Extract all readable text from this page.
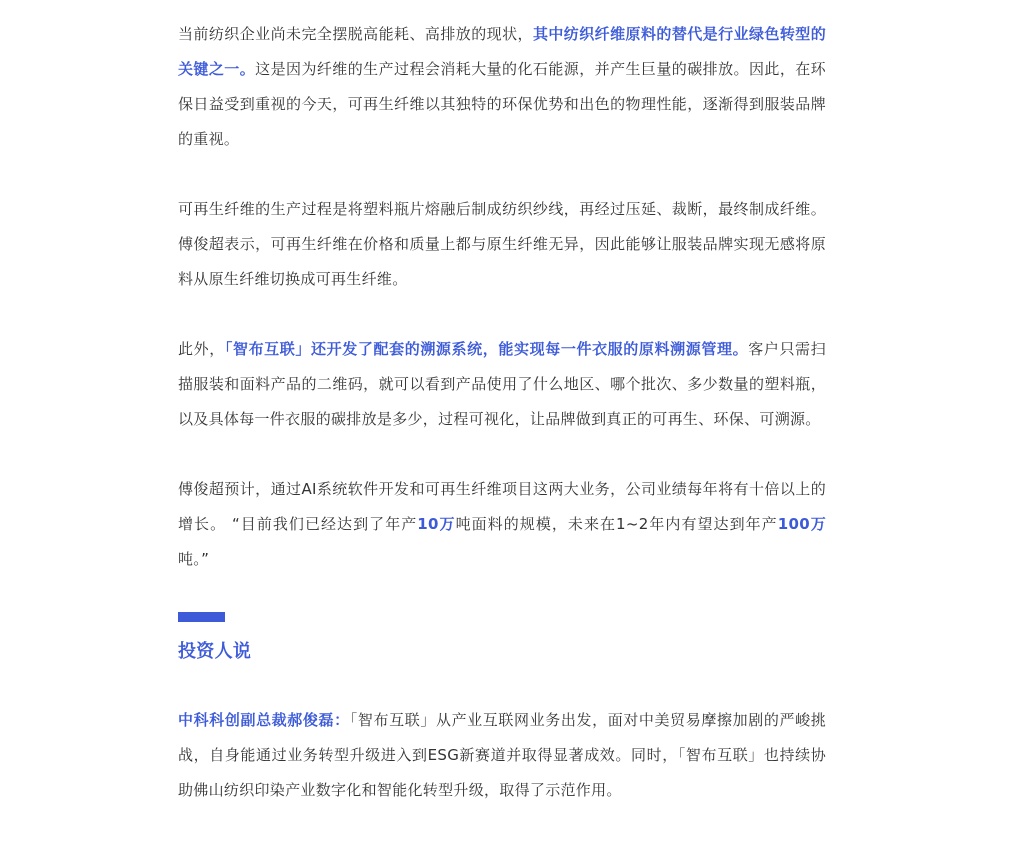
当前纺织企业尚未完全摆脱高能耗、高排放的现状，其中纺织纤维原料的替代是行业绿色转型的关键之一。这是因为纤维的生产过程会消耗大量的化石能源，并产生巨量的碳排放。因此，在环保日益受到重视的今天，可再生纤维以其独特的环保优势和出色的物理性能，逐渐得到服装品牌的重视。

可再生纤维的生产过程是将塑料瓶片熔融后制成纺织纱线，再经过压延、裁断，最终制成纤维。傅俊超表示，可再生纤维在价格和质量上都与原生纤维无异，因此能够让服装品牌实现无感将原料从原生纤维切换成可再生纤维。

此外，「智布互联」还开发了配套的溯源系统，能实现每一件衣服的原料溯源管理。客户只需扫描服装和面料产品的二维码，就可以看到产品使用了什么地区、哪个批次、多少数量的塑料瓶，以及具体每一件衣服的碳排放是多少，过程可视化，让品牌做到真正的可再生、环保、可溯源。

傅俊超预计，通过AI系统软件开发和可再生纤维项目这两大业务，公司业绩每年将有十倍以上的增长。 “目前我们已经达到了年产10万吨面料的规模，未来在1~2年内有望达到年产100万吨。”

投资人说

中科科创副总裁郝俊磊：「智布互联」从产业互联网业务出发，面对中美贸易摩擦加剧的严峻挑战，自身能通过业务转型升级进入到ESG新赛道并取得显著成效。同时，「智布互联」也持续协助佛山纺织印染产业数字化和智能化转型升级，取得了示范作用。
